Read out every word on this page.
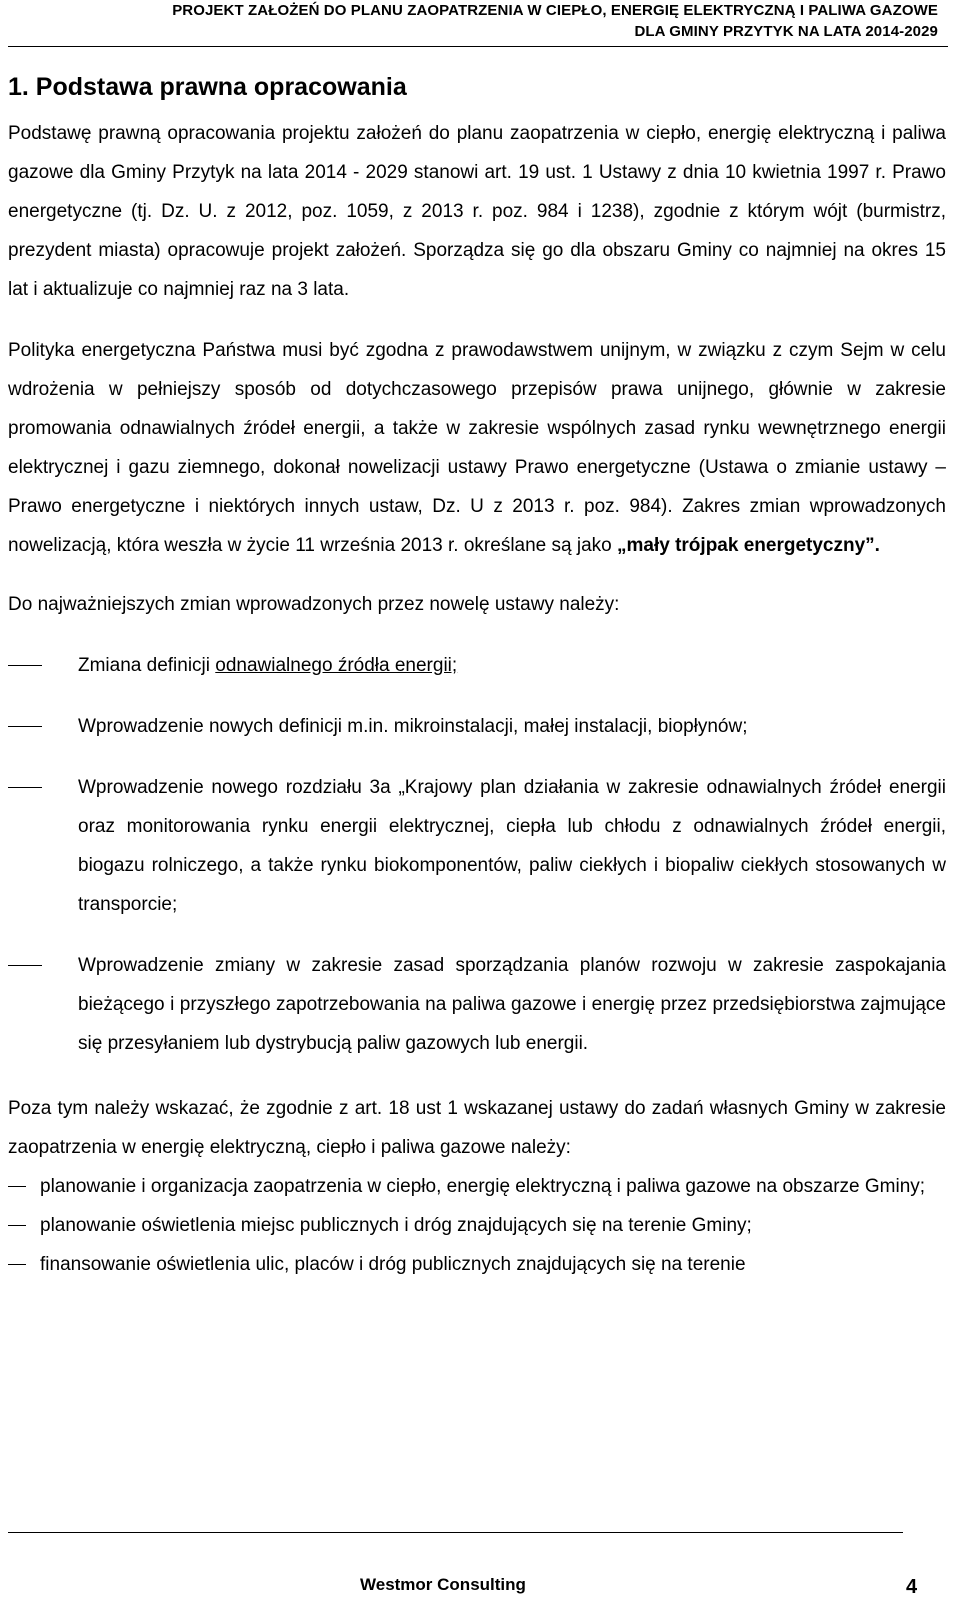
PROJEKT ZAŁOŻEŃ DO PLANU ZAOPATRZENIA W CIEPŁO, ENERGIĘ ELEKTRYCZNĄ I PALIWA GAZOWE
DLA GMINY PRZYTYK NA LATA 2014-2029
1. Podstawa prawna opracowania

Podstawę prawną opracowania projektu założeń do planu zaopatrzenia w ciepło, energię elektryczną i paliwa gazowe dla Gminy Przytyk na lata 2014 - 2029 stanowi art. 19 ust. 1 Ustawy z dnia 10 kwietnia 1997 r. Prawo energetyczne (tj. Dz. U. z 2012, poz. 1059, z 2013 r. poz. 984 i 1238), zgodnie z którym wójt (burmistrz, prezydent miasta) opracowuje projekt założeń. Sporządza się go dla obszaru Gminy co najmniej na okres 15 lat i aktualizuje co najmniej raz na 3 lata.

Polityka energetyczna Państwa musi być zgodna z prawodawstwem unijnym, w związku z czym Sejm w celu wdrożenia w pełniejszy sposób od dotychczasowego przepisów prawa unijnego, głównie w zakresie promowania odnawialnych źródeł energii, a także w zakresie wspólnych zasad rynku wewnętrznego energii elektrycznej i gazu ziemnego, dokonał nowelizacji ustawy Prawo energetyczne (Ustawa o zmianie ustawy – Prawo energetyczne i niektórych innych ustaw, Dz. U z 2013 r. poz. 984). Zakres zmian wprowadzonych nowelizacją, która weszła w życie 11 września 2013 r. określane są jako „mały trójpak energetyczny”.

Do najważniejszych zmian wprowadzonych przez nowelę ustawy należy:

Zmiana definicji odnawialnego źródła energii;
Wprowadzenie nowych definicji m.in. mikroinstalacji, małej instalacji, biopłynów;
Wprowadzenie nowego rozdziału 3a „Krajowy plan działania w zakresie odnawialnych źródeł energii oraz monitorowania rynku energii elektrycznej, ciepła lub chłodu z odnawialnych źródeł energii, biogazu rolniczego, a także rynku biokomponentów, paliw ciekłych i biopaliw ciekłych stosowanych w transporcie;
Wprowadzenie zmiany w zakresie zasad sporządzania planów rozwoju w zakresie zaspokajania bieżącego i przyszłego zapotrzebowania na paliwa gazowe i energię przez przedsiębiorstwa zajmujące się przesyłaniem lub dystrybucją paliw gazowych lub energii.

Poza tym należy wskazać, że zgodnie z art. 18 ust 1 wskazanej ustawy do zadań własnych Gminy w zakresie zaopatrzenia w energię elektryczną, ciepło i paliwa gazowe należy:

planowanie i organizacja zaopatrzenia w ciepło, energię elektryczną i paliwa gazowe na obszarze Gminy;
planowanie oświetlenia miejsc publicznych i dróg znajdujących się na terenie Gminy;
finansowanie oświetlenia ulic, placów i dróg publicznych znajdujących się na terenie
Westmor Consulting	4
